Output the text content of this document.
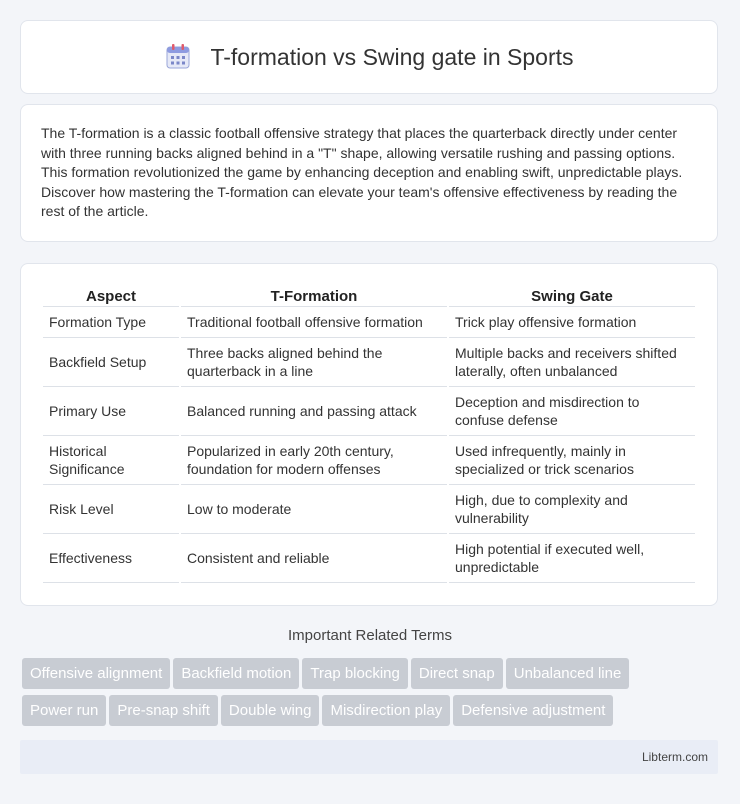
T-formation vs Swing gate in Sports

The T-formation is a classic football offensive strategy that places the quarterback directly under center with three running backs aligned behind in a "T" shape, allowing versatile rushing and passing options. This formation revolutionized the game by enhancing deception and enabling swift, unpredictable plays. Discover how mastering the T-formation can elevate your team's offensive effectiveness by reading the rest of the article.

Aspect	T-Formation	Swing Gate
Formation Type	Traditional football offensive formation	Trick play offensive formation
Backfield Setup	Three backs aligned behind the quarterback in a line	Multiple backs and receivers shifted laterally, often unbalanced
Primary Use	Balanced running and passing attack	Deception and misdirection to confuse defense
Historical Significance	Popularized in early 20th century, foundation for modern offenses	Used infrequently, mainly in specialized or trick scenarios
Risk Level	Low to moderate	High, due to complexity and vulnerability
Effectiveness	Consistent and reliable	High potential if executed well, unpredictable
Important Related Terms
Offensive alignment Backfield motion Trap blocking Direct snap Unbalanced line
Power run Pre-snap shift Double wing Misdirection play Defensive adjustment
Libterm.com
